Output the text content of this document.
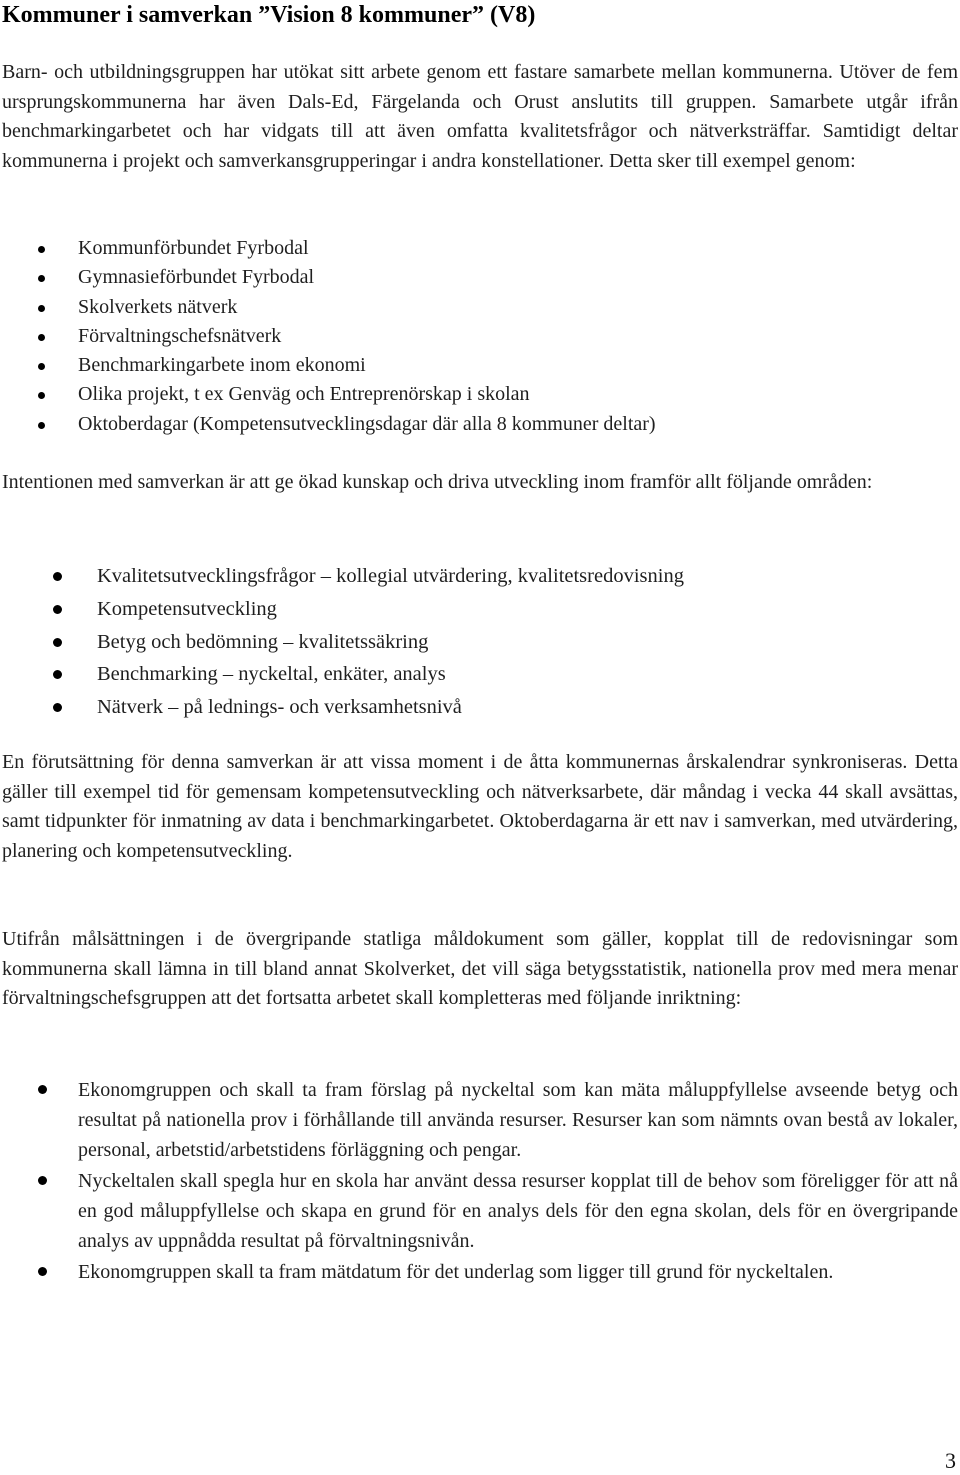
Kommuner i samverkan ”Vision 8 kommuner” (V8)

Barn- och utbildningsgruppen har utökat sitt arbete genom ett fastare samarbete mellan kommunerna. Utöver de fem ursprungskommunerna har även Dals-Ed, Färgelanda och Orust anslutits till gruppen. Samarbete utgår ifrån benchmarkingarbetet och har vidgats till att även omfatta kvalitetsfrågor och nätverksträffar. Samtidigt deltar kommunerna i projekt och samverkansgrupperingar i andra konstellationer. Detta sker till exempel genom:

Kommunförbundet Fyrbodal
Gymnasieförbundet Fyrbodal
Skolverkets nätverk
Förvaltningschefsnätverk
Benchmarkingarbete inom ekonomi
Olika projekt, t ex Genväg och Entreprenörskap i skolan
Oktoberdagar (Kompetensutvecklingsdagar där alla 8 kommuner deltar)

Intentionen med samverkan är att ge ökad kunskap och driva utveckling inom framför allt följande områden:

Kvalitetsutvecklingsfrågor – kollegial utvärdering, kvalitetsredovisning
Kompetensutveckling
Betyg och bedömning – kvalitetssäkring
Benchmarking – nyckeltal, enkäter, analys
Nätverk – på lednings- och verksamhetsnivå

En förutsättning för denna samverkan är att vissa moment i de åtta kommunernas årskalendrar synkroniseras. Detta gäller till exempel tid för gemensam kompetensutveckling och nätverksarbete, där måndag i vecka 44 skall avsättas, samt tidpunkter för inmatning av data i benchmarkingarbetet. Oktoberdagarna är ett nav i samverkan, med utvärdering, planering och kompetensutveckling.

Utifrån målsättningen i de övergripande statliga måldokument som gäller, kopplat till de redovisningar som kommunerna skall lämna in till bland annat Skolverket, det vill säga betygsstatistik, nationella prov med mera menar förvaltningschefsgruppen att det fortsatta arbetet skall kompletteras med följande inriktning:

Ekonomgruppen och skall ta fram förslag på nyckeltal som kan mäta måluppfyllelse avseende betyg och resultat på nationella prov i förhållande till använda resurser. Resurser kan som nämnts ovan bestå av lokaler, personal, arbetstid/arbetstidens förläggning och pengar.
Nyckeltalen skall spegla hur en skola har använt dessa resurser kopplat till de behov som föreligger för att nå en god måluppfyllelse och skapa en grund för en analys dels för den egna skolan, dels för en övergripande analys av uppnådda resultat på förvaltningsnivån.
Ekonomgruppen skall ta fram mätdatum för det underlag som ligger till grund för nyckeltalen.
3
